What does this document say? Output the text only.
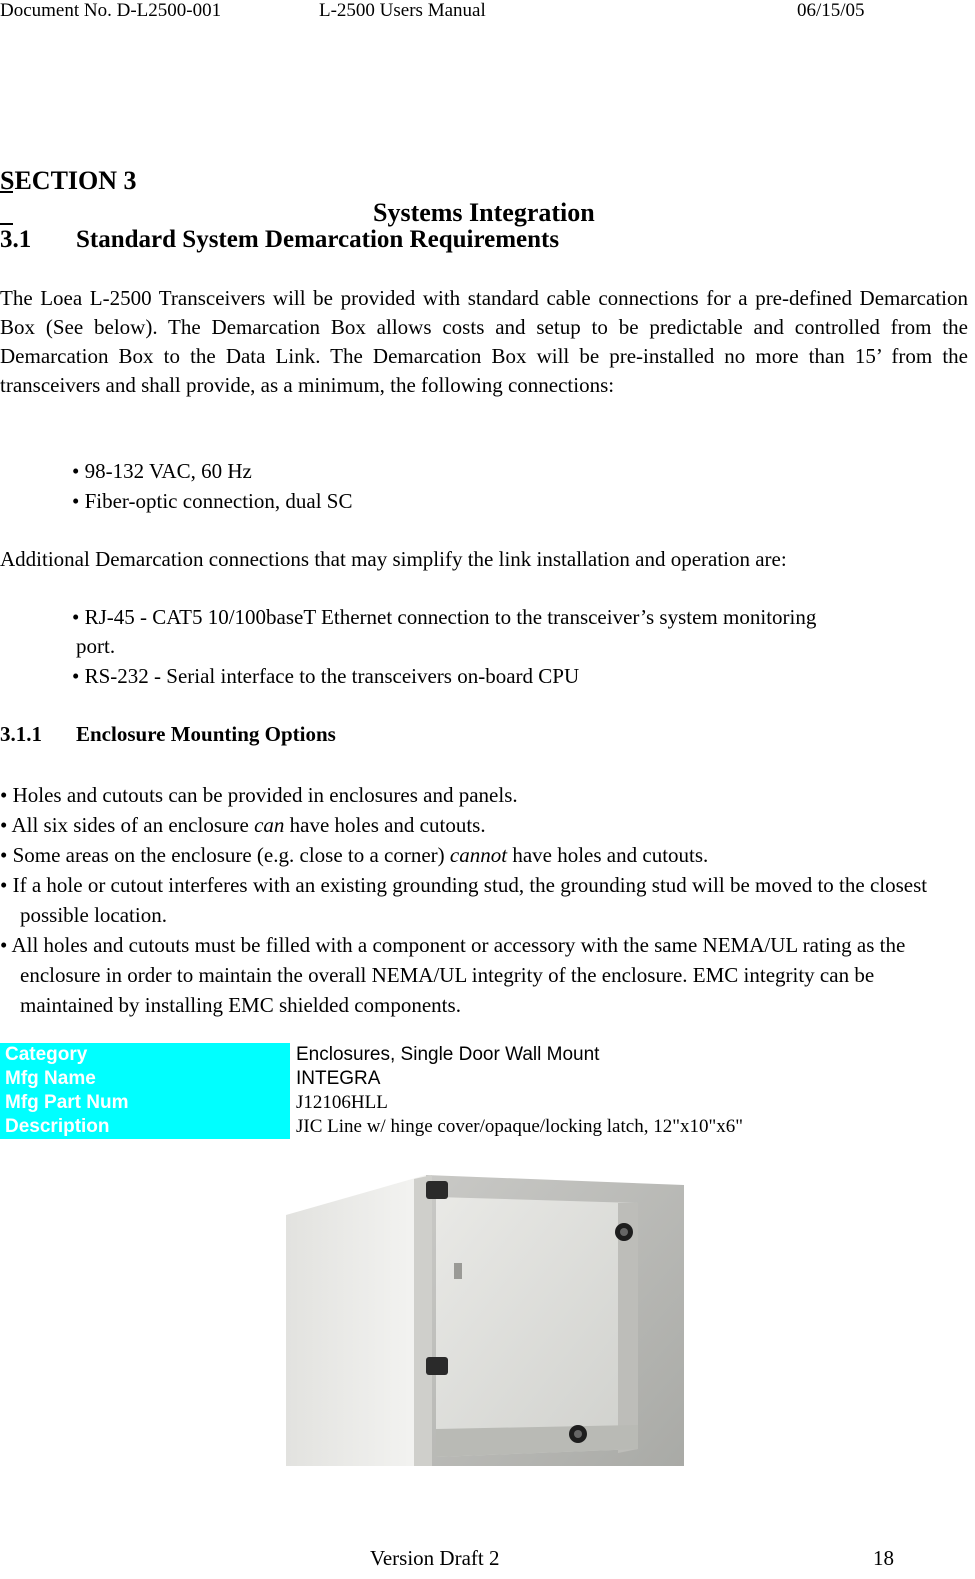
Document No. D-L2500-001	L-2500 Users Manual	06/15/05

SECTION 3

Systems Integration

3.1 Standard System Demarcation Requirements
The Loea L-2500 Transceivers will be provided with standard cable connections for a pre-defined Demarcation Box (See below). The Demarcation Box allows costs and setup to be predictable and controlled from the Demarcation Box to the Data Link. The Demarcation Box will be pre-installed no more than 15’ from the transceivers and shall provide, as a minimum, the following connections:
• 98-132 VAC, 60 Hz
• Fiber-optic connection, dual SC
Additional Demarcation connections that may simplify the link installation and operation are:
• RJ-45 - CAT5 10/100baseT Ethernet connection to the transceiver’s system monitoring
port.
• RS-232 - Serial interface to the transceivers on-board CPU
3.1.1 Enclosure Mounting Options
• Holes and cutouts can be provided in enclosures and panels.
• All six sides of an enclosure can have holes and cutouts.
• Some areas on the enclosure (e.g. close to a corner) cannot have holes and cutouts.
• If a hole or cutout interferes with an existing grounding stud, the grounding stud will be moved to the closest possible location.
• All holes and cutouts must be filled with a component or accessory with the same NEMA/UL rating as the enclosure in order to maintain the overall NEMA/UL integrity of the enclosure. EMC integrity can be maintained by installing EMC shielded components.
Category	Enclosures, Single Door Wall Mount
Mfg Name	INTEGRA
Mfg Part Num	J12106HLL
Description	JIC Line w/ hinge cover/opaque/locking latch, 12"x10"x6"
Version Draft 2	18
